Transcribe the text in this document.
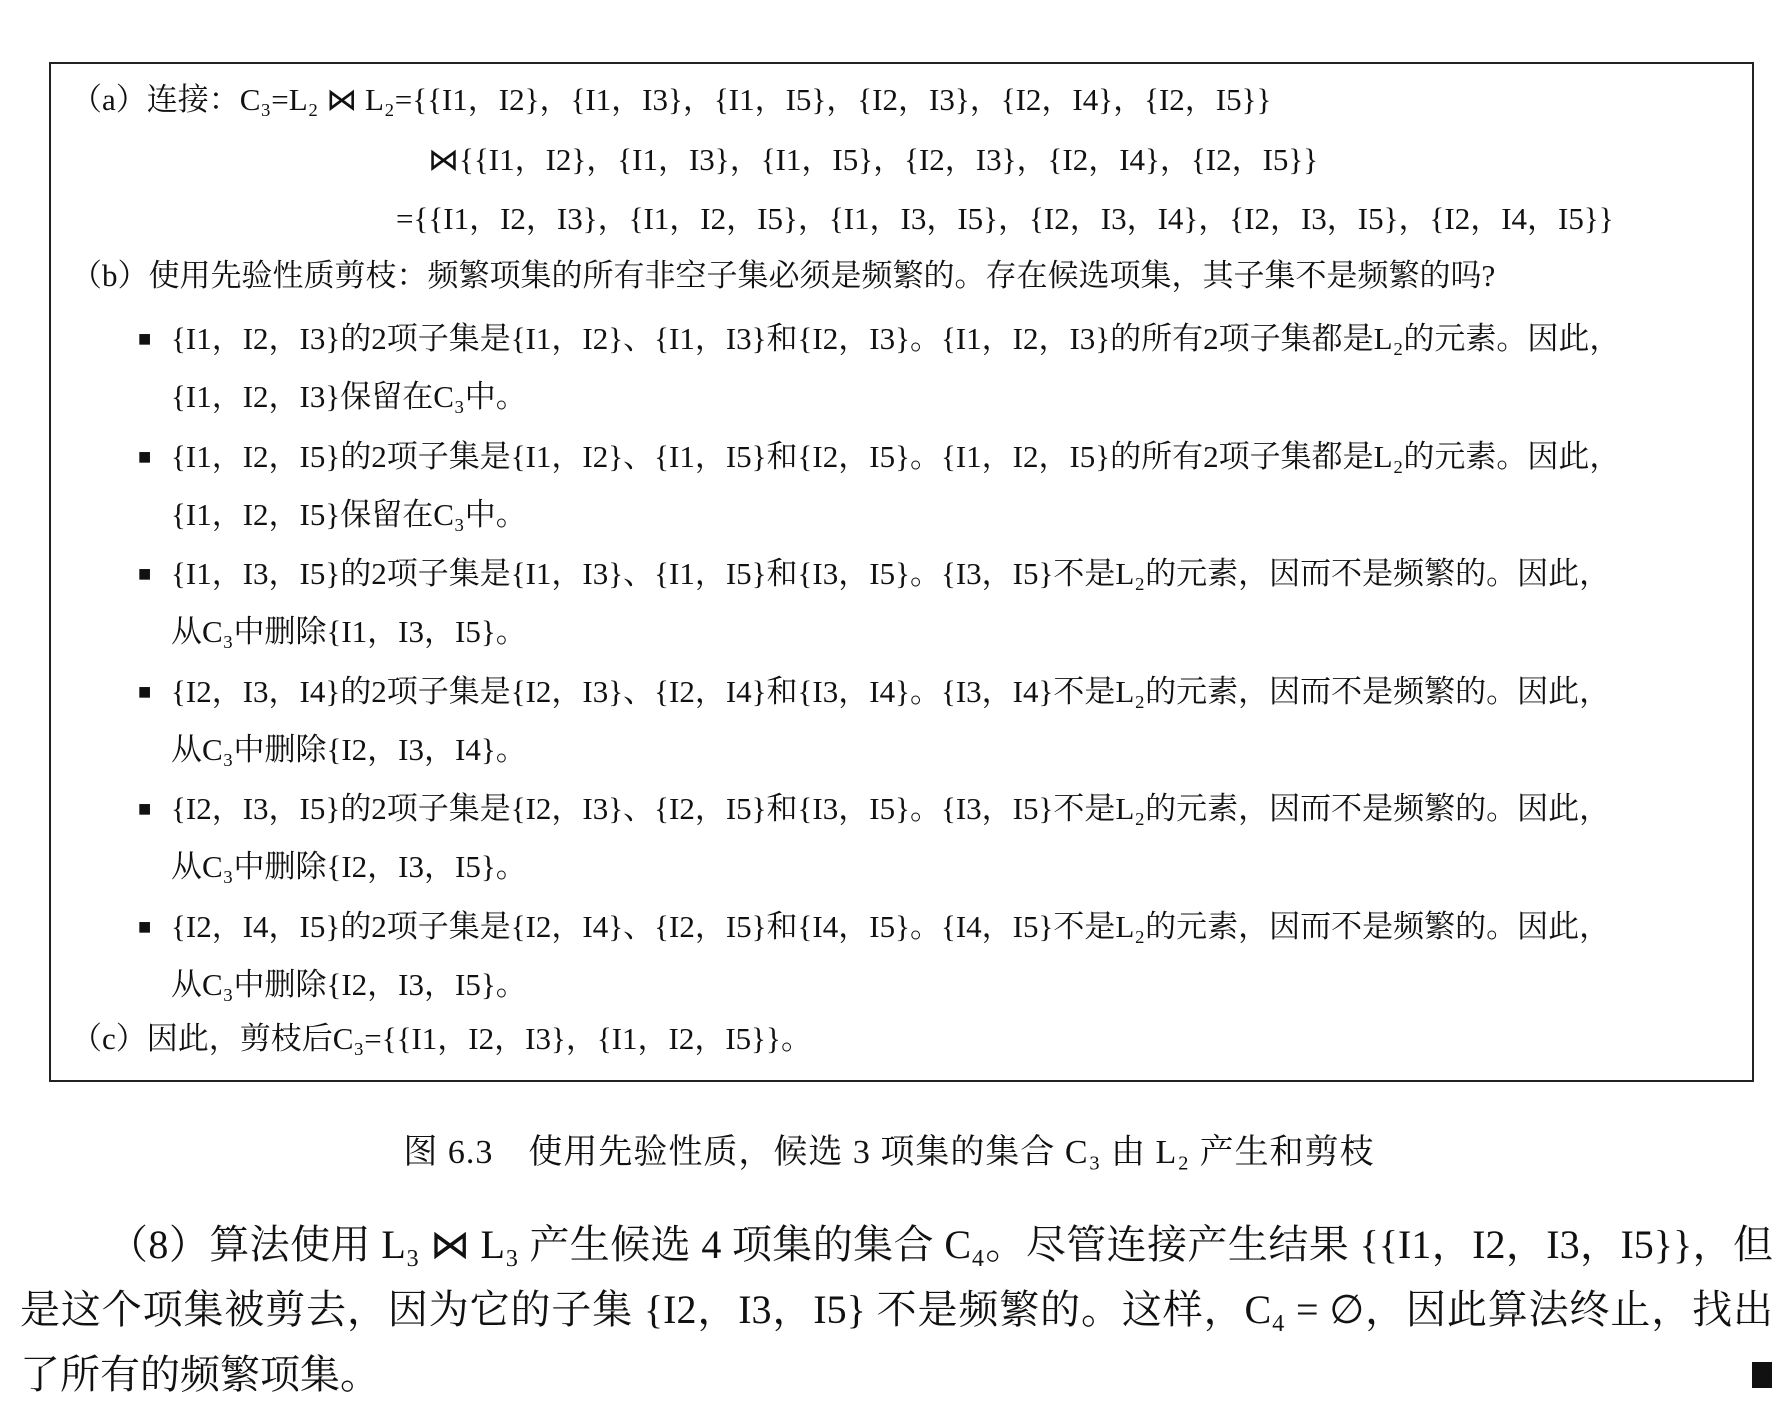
（a）连接：C₃=L₂ ⋈ L₂={{I1，I2}，{I1，I3}，{I1，I5}，{I2，I3}，{I2，I4}，{I2，I5}}
⋈{{I1，I2}，{I1，I3}，{I1，I5}，{I2，I3}，{I2，I4}，{I2，I5}}
={{I1，I2，I3}，{I1，I2，I5}，{I1，I3，I5}，{I2，I3，I4}，{I2，I3，I5}，{I2，I4，I5}}
（b）使用先验性质剪枝：频繁项集的所有非空子集必须是频繁的。存在候选项集，其子集不是频繁的吗?
■ {I1，I2，I3}的2项子集是{I1，I2}、{I1，I3}和{I2，I3}。{I1，I2，I3}的所有2项子集都是L₂的元素。因此，
{I1，I2，I3}保留在C₃中。
■ {I1，I2，I5}的2项子集是{I1，I2}、{I1，I5}和{I2，I5}。{I1，I2，I5}的所有2项子集都是L₂的元素。因此，
{I1，I2，I5}保留在C₃中。
■ {I1，I3，I5}的2项子集是{I1，I3}、{I1，I5}和{I3，I5}。{I3，I5}不是L₂的元素，因而不是频繁的。因此，
从C₃中删除{I1，I3，I5}。
■ {I2，I3，I4}的2项子集是{I2，I3}、{I2，I4}和{I3，I4}。{I3，I4}不是L₂的元素，因而不是频繁的。因此，
从C₃中删除{I2，I3，I4}。
■ {I2，I3，I5}的2项子集是{I2，I3}、{I2，I5}和{I3，I5}。{I3，I5}不是L₂的元素，因而不是频繁的。因此，
从C₃中删除{I2，I3，I5}。
■ {I2，I4，I5}的2项子集是{I2，I4}、{I2，I5}和{I4，I5}。{I4，I5}不是L₂的元素，因而不是频繁的。因此，
从C₃中删除{I2，I3，I5}。
（c）因此，剪枝后C₃={{I1，I2，I3}，{I1，I2，I5}}。
图 6.3　使用先验性质，候选 3 项集的集合 C₃ 由 L₂ 产生和剪枝
（8）算法使用 L₃ ⋈ L₃ 产生候选 4 项集的集合 C₄。尽管连接产生结果 {{I1，I2，I3，I5}}，但是这个项集被剪去，因为它的子集 {I2，I3，I5} 不是频繁的。这样，C₄ = ∅，因此算法终止，找出了所有的频繁项集。
